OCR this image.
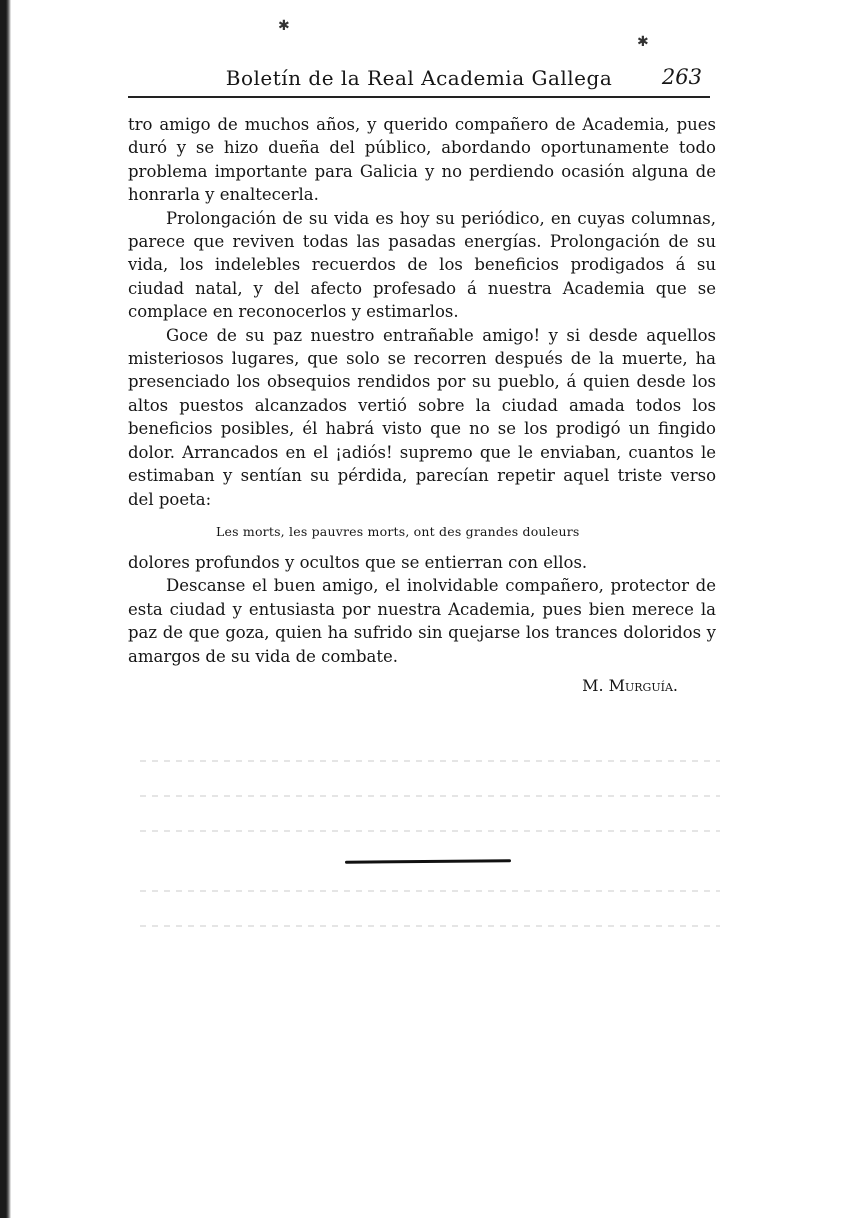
✱
✱
Boletín de la Real Academia Gallega	263

tro amigo de muchos años, y querido compañero de Academia, pues duró y se hizo dueña del público, abordando oportunamente todo problema importante para Galicia y no perdiendo ocasión alguna de honrarla y enaltecerla.

Prolongación de su vida es hoy su periódico, en cuyas columnas, parece que reviven todas las pasadas energías. Prolongación de su vida, los indelebles recuerdos de los beneficios prodigados á su ciudad natal, y del afecto profesado á nuestra Academia que se complace en reconocerlos y estimarlos.

Goce de su paz nuestro entrañable amigo! y si desde aquellos misteriosos lugares, que solo se recorren después de la muerte, ha presenciado los obsequios rendidos por su pueblo, á quien desde los altos puestos alcanzados vertió sobre la ciudad amada todos los beneficios posibles, él habrá visto que no se los prodigó un fingido dolor. Arrancados en el ¡adiós! supremo que le enviaban, cuantos le estimaban y sentían su pérdida, parecían repetir aquel triste verso del poeta:

Les morts, les pauvres morts, ont des grandes douleurs

dolores profundos y ocultos que se entierran con ellos.

Descanse el buen amigo, el inolvidable compañero, protector de esta ciudad y entusiasta por nuestra Academia, pues bien merece la paz de que goza, quien ha sufrido sin quejarse los trances doloridos y amargos de su vida de combate.

M. Murguía.
